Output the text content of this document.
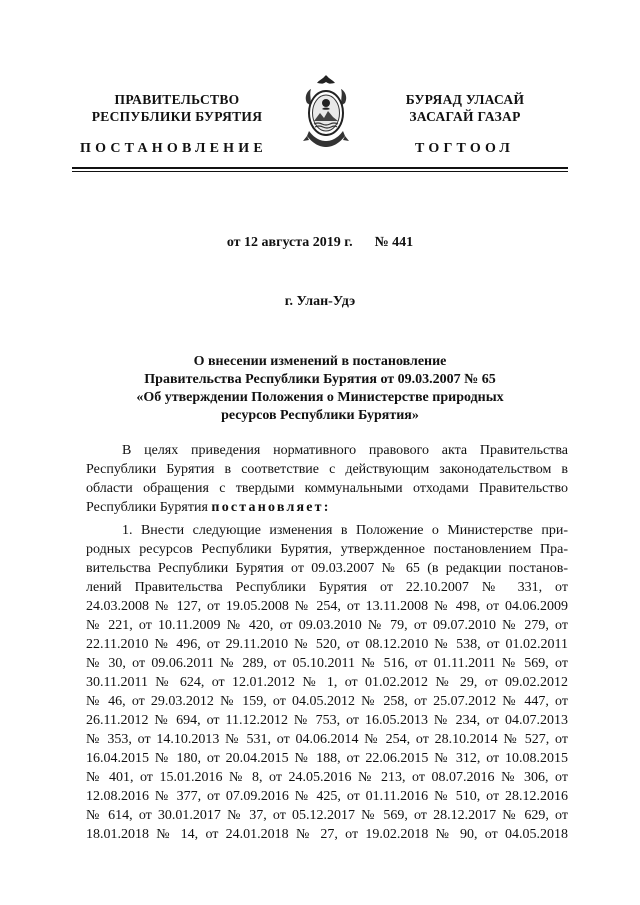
ПРАВИТЕЛЬСТВО
РЕСПУБЛИКИ БУРЯТИЯ
БУРЯАД УЛАСАЙ
ЗАСАГАЙ ГАЗАР
ПОСТАНОВЛЕНИЕ	ТОГТООЛ
от 12 августа 2019 г. № 441
г. Улан-Удэ
О внесении изменений в постановление
Правительства Республики Бурятия от 09.03.2007 № 65
«Об утверждении Положения о Министерстве природных
ресурсов Республики Бурятия»
В целях приведения нормативного правового акта Правительства
Республики Бурятия в соответствие с действующим законодательством в
области обращения с твердыми коммунальными отходами Правительство
Республики Бурятия постановляет:
1. Внести следующие изменения в Положение о Министерстве при-
родных ресурсов Республики Бурятия, утвержденное постановлением Пра-
вительства Республики Бурятия от 09.03.2007 № 65 (в редакции постанов-
лений Правительства Республики Бурятия от 22.10.2007 № 331, от
24.03.2008 № 127, от 19.05.2008 № 254, от 13.11.2008 № 498, от 04.06.2009
№ 221, от 10.11.2009 № 420, от 09.03.2010 № 79, от 09.07.2010 № 279, от
22.11.2010 № 496, от 29.11.2010 № 520, от 08.12.2010 № 538, от 01.02.2011
№ 30, от 09.06.2011 № 289, от 05.10.2011 № 516, от 01.11.2011 № 569, от
30.11.2011 № 624, от 12.01.2012 № 1, от 01.02.2012 № 29, от 09.02.2012
№ 46, от 29.03.2012 № 159, от 04.05.2012 № 258, от 25.07.2012 № 447, от
26.11.2012 № 694, от 11.12.2012 № 753, от 16.05.2013 № 234, от 04.07.2013
№ 353, от 14.10.2013 № 531, от 04.06.2014 № 254, от 28.10.2014 № 527, от
16.04.2015 № 180, от 20.04.2015 № 188, от 22.06.2015 № 312, от 10.08.2015
№ 401, от 15.01.2016 № 8, от 24.05.2016 № 213, от 08.07.2016 № 306, от
12.08.2016 № 377, от 07.09.2016 № 425, от 01.11.2016 № 510, от 28.12.2016
№ 614, от 30.01.2017 № 37, от 05.12.2017 № 569, от 28.12.2017 № 629, от
18.01.2018 № 14, от 24.01.2018 № 27, от 19.02.2018 № 90, от 04.05.2018
